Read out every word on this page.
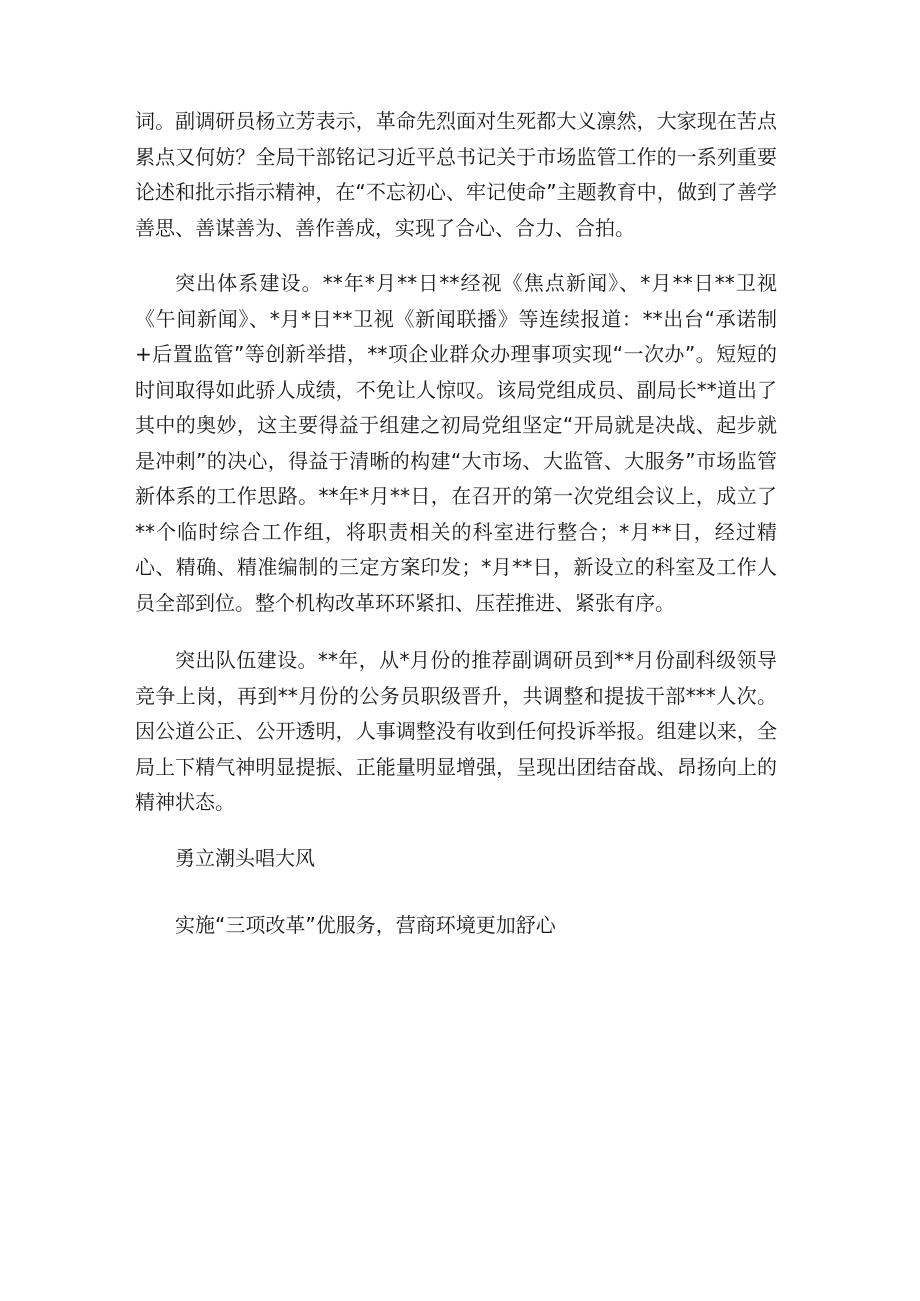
词。副调研员杨立芳表示，革命先烈面对生死都大义凛然，大家现在苦点累点又何妨？全局干部铭记习近平总书记关于市场监管工作的一系列重要论述和批示指示精神，在“不忘初心、牢记使命”主题教育中，做到了善学善思、善谋善为、善作善成，实现了合心、合力、合拍。

突出体系建设。**年*月**日**经视《焦点新闻》、*月**日**卫视《午间新闻》、*月*日**卫视《新闻联播》等连续报道：**出台“承诺制+后置监管”等创新举措，**项企业群众办理事项实现“一次办”。短短的时间取得如此骄人成绩，不免让人惊叹。该局党组成员、副局长**道出了其中的奥妙，这主要得益于组建之初局党组坚定“开局就是决战、起步就是冲刺”的决心，得益于清晰的构建“大市场、大监管、大服务”市场监管新体系的工作思路。**年*月**日，在召开的第一次党组会议上，成立了**个临时综合工作组，将职责相关的科室进行整合；*月**日，经过精心、精确、精准编制的三定方案印发；*月**日，新设立的科室及工作人员全部到位。整个机构改革环环紧扣、压茬推进、紧张有序。

突出队伍建设。**年，从*月份的推荐副调研员到**月份副科级领导竞争上岗，再到**月份的公务员职级晋升，共调整和提拔干部***人次。因公道公正、公开透明，人事调整没有收到任何投诉举报。组建以来，全局上下精气神明显提振、正能量明显增强，呈现出团结奋战、昂扬向上的精神状态。

勇立潮头唱大风

实施“三项改革”优服务，营商环境更加舒心
